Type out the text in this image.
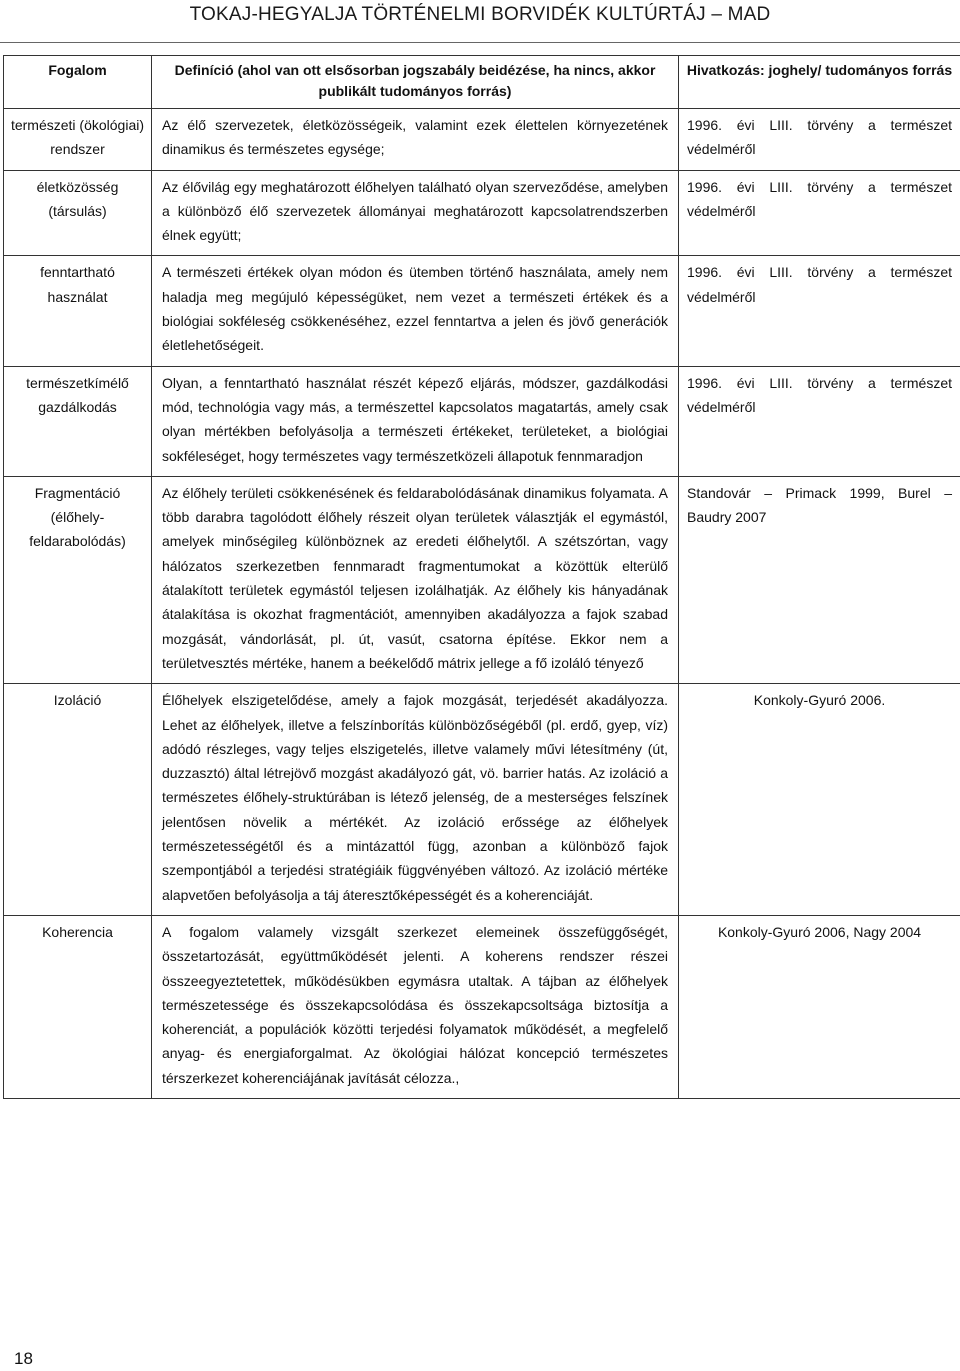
TOKAJ-HEGYALJA TÖRTÉNELMI BORVIDÉK KULTÚRTÁJ – MAD
Fogalom	Definíció (ahol van ott elsősorban jogszabály beidézése, ha nincs, akkor publikált tudományos forrás)	Hivatkozás: joghely/ tudományos forrás
természeti (ökológiai) rendszer	Az élő szervezetek, életközösségeik, valamint ezek élettelen környezetének dinamikus és természetes egysége;	1996. évi LIII. törvény a természet védelméről
életközösség (társulás)	Az élővilág egy meghatározott élőhelyen található olyan szerveződése, amelyben a különböző élő szervezetek állományai meghatározott kapcsolatrendszerben élnek együtt;	1996. évi LIII. törvény a természet védelméről
fenntartható használat	A természeti értékek olyan módon és ütemben történő használata, amely nem haladja meg megújuló képességüket, nem vezet a természeti értékek és a biológiai sokféleség csökkenéséhez, ezzel fenntartva a jelen és jövő generációk életlehetőségeit.	1996. évi LIII. törvény a természet védelméről
természetkímélő gazdálkodás	Olyan, a fenntartható használat részét képező eljárás, módszer, gazdálkodási mód, technológia vagy más, a természettel kapcsolatos magatartás, amely csak olyan mértékben befolyásolja a természeti értékeket, területeket, a biológiai sokféleséget, hogy természetes vagy természetközeli állapotuk fennmaradjon	1996. évi LIII. törvény a természet védelméről
Fragmentáció (élőhely-feldarabolódás)	Az élőhely területi csökkenésének és feldarabolódásának dinamikus folyamata. A több darabra tagolódott élőhely részeit olyan területek választják el egymástól, amelyek minőségileg különböznek az eredeti élőhelytől. A szétszórtan, vagy hálózatos szerkezetben fennmaradt fragmentumokat a közöttük elterülő átalakított területek egymástól teljesen izolálhatják. Az élőhely kis hányadának átalakítása is okozhat fragmentációt, amennyiben akadályozza a fajok szabad mozgását, vándorlását, pl. út, vasút, csatorna építése. Ekkor nem a területvesztés mértéke, hanem a beékelődő mátrix jellege a fő izoláló tényező	Standovár – Primack 1999, Burel – Baudry 2007
Izoláció	Élőhelyek elszigetelődése, amely a fajok mozgását, terjedését akadályozza. Lehet az élőhelyek, illetve a felszínborítás különbözőségéből (pl. erdő, gyep, víz) adódó részleges, vagy teljes elszigetelés, illetve valamely művi létesítmény (út, duzzasztó) által létrejövő mozgást akadályozó gát, vö. barrier hatás. Az izoláció a természetes élőhely-struktúrában is létező jelenség, de a mesterséges felszínek jelentősen növelik a mértékét. Az izoláció erőssége az élőhelyek természetességétől és a mintázattól függ, azonban a különböző fajok szempontjából a terjedési stratégiáik függvényében változó. Az izoláció mértéke alapvetően befolyásolja a táj áteresztőképességét és a koherenciáját.	Konkoly-Gyuró 2006.
Koherencia	A fogalom valamely vizsgált szerkezet elemeinek összefüggőségét, összetartozását, együttműködését jelenti. A koherens rendszer részei összeegyeztetettek, működésükben egymásra utaltak. A tájban az élőhelyek természetessége és összekapcsolódása és összekapcsoltsága biztosítja a koherenciát, a populációk közötti terjedési folyamatok működését, a megfelelő anyag- és energiaforgalmat. Az ökológiai hálózat koncepció természetes térszerkezet koherenciájának javítását célozza.,	Konkoly-Gyuró 2006, Nagy 2004
18
